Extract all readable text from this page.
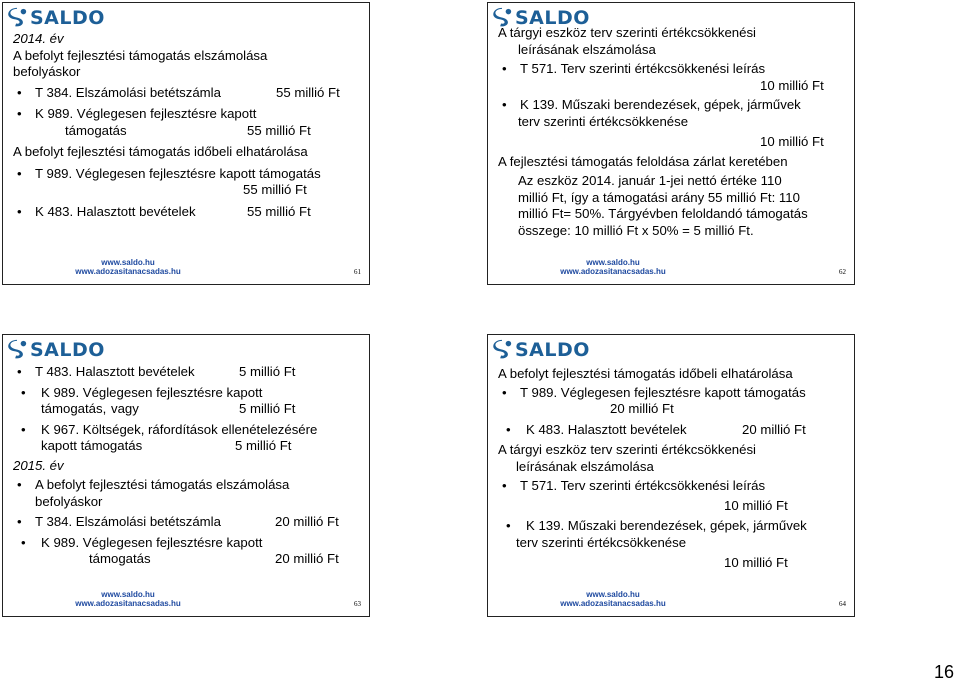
SALDO
2014. év
A befolyt fejlesztési támogatás elszámolása
befolyáskor
•	T 384. Elszámolási betétszámla	55 millió Ft
•	K 989. Véglegesen fejlesztésre kapott
támogatás	55 millió Ft
A befolyt fejlesztési támogatás időbeli elhatárolása
•	T 989. Véglegesen fejlesztésre kapott támogatás
55 millió Ft
•	K 483. Halasztott bevételek	55 millió Ft
www.saldo.hu
www.adozasitanacsadas.hu	61
SALDO
A tárgyi eszköz terv szerinti értékcsökkenési
leírásának elszámolása
•	T 571. Terv szerinti értékcsökkenési leírás
10 millió Ft
•	K 139. Műszaki berendezések, gépek, járművek
terv szerinti értékcsökkenése
10 millió Ft
A fejlesztési támogatás feloldása zárlat keretében
Az eszköz 2014. január 1-jei nettó értéke 110
millió Ft, így a támogatási arány 55 millió Ft: 110
millió Ft= 50%. Tárgyévben feloldandó támogatás
összege: 10 millió Ft x 50% = 5 millió Ft.
www.saldo.hu
www.adozasitanacsadas.hu	62
SALDO
•	T 483. Halasztott bevételek	5 millió Ft
•	K 989. Véglegesen fejlesztésre kapott
támogatás, vagy	5 millió Ft
•	K 967. Költségek, ráfordítások ellenételezésére
kapott támogatás	5 millió Ft
2015. év
•	A befolyt fejlesztési támogatás elszámolása
befolyáskor
•	T 384. Elszámolási betétszámla	20 millió Ft
•	K 989. Véglegesen fejlesztésre kapott
támogatás	20 millió Ft
www.saldo.hu
www.adozasitanacsadas.hu	63
SALDO
A befolyt fejlesztési támogatás időbeli elhatárolása
•	T 989. Véglegesen fejlesztésre kapott támogatás
20 millió Ft
•	K 483. Halasztott bevételek	20 millió Ft
A tárgyi eszköz terv szerinti értékcsökkenési
leírásának elszámolása
•	T 571. Terv szerinti értékcsökkenési leírás
10 millió Ft
•	K 139. Műszaki berendezések, gépek, járművek
terv szerinti értékcsökkenése
10 millió Ft
www.saldo.hu
www.adozasitanacsadas.hu	64
16
